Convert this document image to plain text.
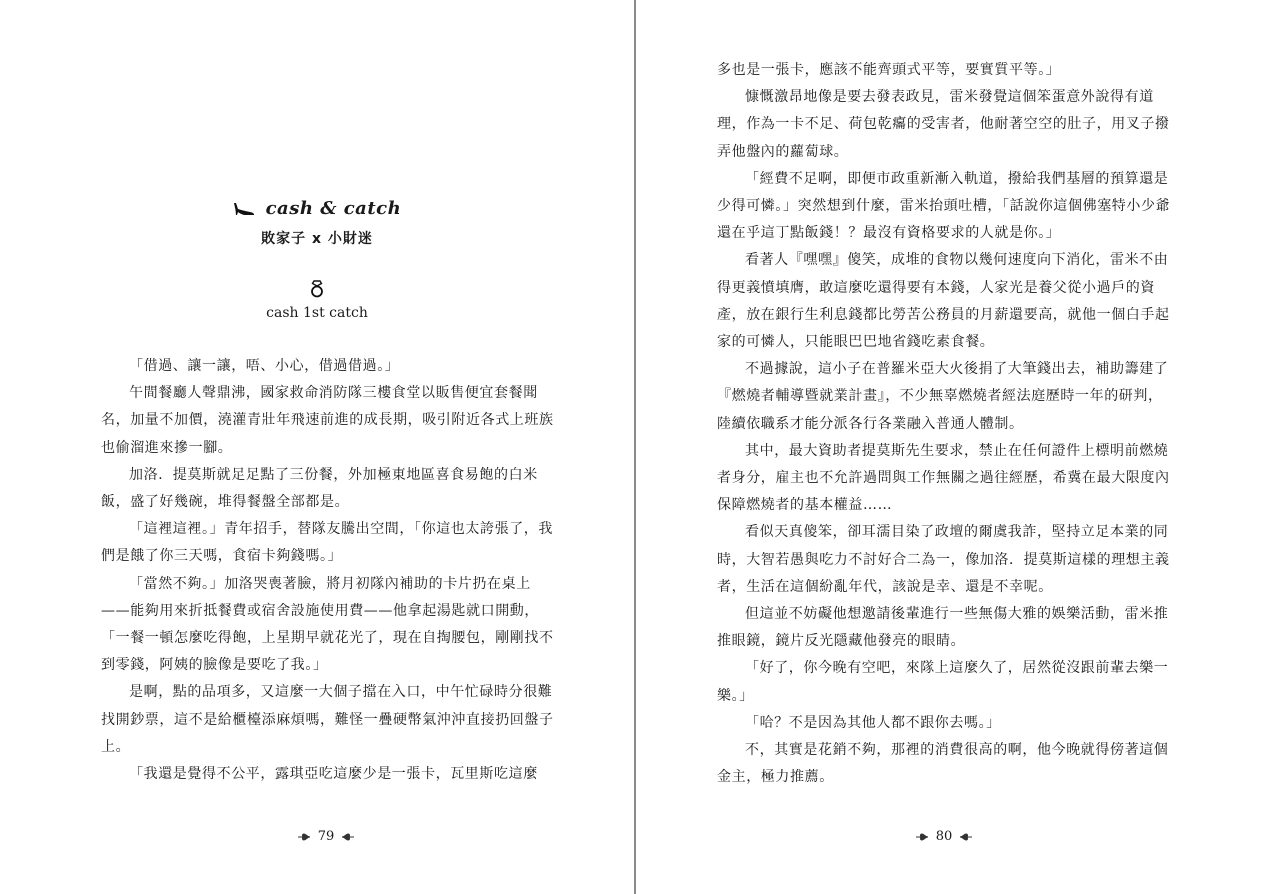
cash & catch
敗家子 x 小財迷
cash 1st catch

「借過、讓一讓，唔、小心，借過借過。」

午間餐廳人聲鼎沸，國家救命消防隊三樓食堂以販售便宜套餐聞名，加量不加價，澆灌青壯年飛速前進的成長期，吸引附近各式上班族也偷溜進來摻一腳。

加洛．提莫斯就足足點了三份餐，外加極東地區喜食易飽的白米飯，盛了好幾碗，堆得餐盤全部都是。

「這裡這裡。」青年招手，替隊友騰出空間，「你這也太誇張了，我們是餓了你三天嗎，食宿卡夠錢嗎。」

「當然不夠。」加洛哭喪著臉，將月初隊內補助的卡片扔在桌上——能夠用來折抵餐費或宿舍設施使用費——他拿起湯匙就口開動，「一餐一頓怎麼吃得飽，上星期早就花光了，現在自掏腰包，剛剛找不到零錢，阿姨的臉像是要吃了我。」

是啊，點的品項多，又這麼一大個子擋在入口，中午忙碌時分很難找開鈔票，這不是給櫃檯添麻煩嗎，難怪一疊硬幣氣沖沖直接扔回盤子上。

「我還是覺得不公平，露琪亞吃這麼少是一張卡，瓦里斯吃這麼

79

多也是一張卡，應該不能齊頭式平等，要實質平等。」

慷慨激昂地像是要去發表政見，雷米發覺這個笨蛋意外說得有道理，作為一卡不足、荷包乾癟的受害者，他耐著空空的肚子，用叉子撥弄他盤內的蘿蔔球。

「經費不足啊，即便市政重新漸入軌道，撥給我們基層的預算還是少得可憐。」突然想到什麼，雷米抬頭吐槽，「話說你這個佛塞特小少爺還在乎這丁點飯錢！？最沒有資格要求的人就是你。」

看著人『嘿嘿』傻笑，成堆的食物以幾何速度向下消化，雷米不由得更義憤填膺，敢這麼吃還得要有本錢，人家光是養父從小過戶的資產，放在銀行生利息錢都比勞苦公務員的月薪還要高，就他一個白手起家的可憐人，只能眼巴巴地省錢吃素食餐。

不過據說，這小子在普羅米亞大火後捐了大筆錢出去，補助籌建了『燃燒者輔導暨就業計畫』，不少無辜燃燒者經法庭歷時一年的研判，陸續依職系才能分派各行各業融入普通人體制。

其中，最大資助者提莫斯先生要求，禁止在任何證件上標明前燃燒者身分，雇主也不允許過問與工作無關之過往經歷，希冀在最大限度內保障燃燒者的基本權益……

看似天真傻笨，卻耳濡目染了政壇的爾虞我詐，堅持立足本業的同時，大智若愚與吃力不討好合二為一，像加洛．提莫斯這樣的理想主義者，生活在這個紛亂年代，該說是幸、還是不幸呢。

但這並不妨礙他想邀請後輩進行一些無傷大雅的娛樂活動，雷米推推眼鏡，鏡片反光隱藏他發亮的眼睛。

「好了，你今晚有空吧，來隊上這麼久了，居然從沒跟前輩去樂一樂。」

「哈？不是因為其他人都不跟你去嗎。」

不，其實是花銷不夠，那裡的消費很高的啊，他今晚就得傍著這個金主，極力推薦。

80
